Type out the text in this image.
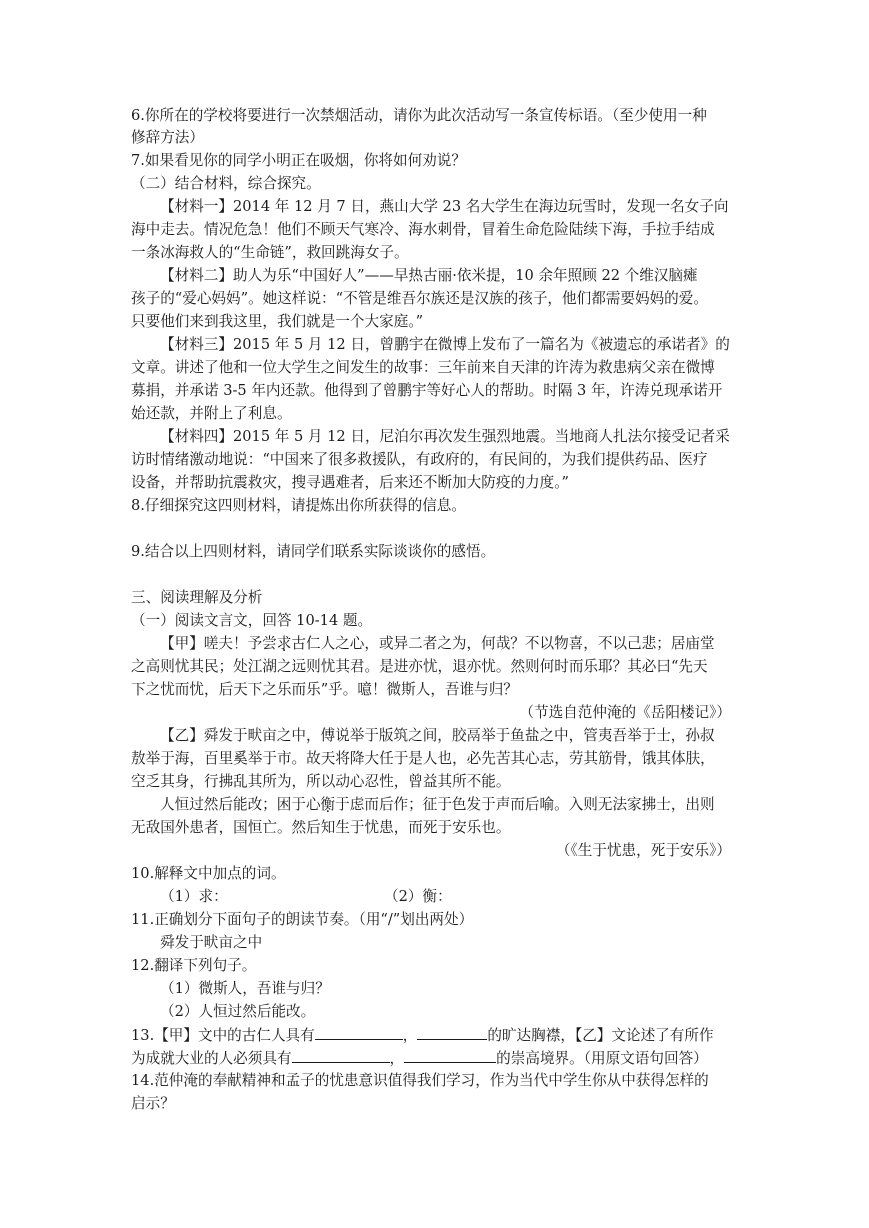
6.你所在的学校将要进行一次禁烟活动，请你为此次活动写一条宣传标语。（至少使用一种
修辞方法）
7.如果看见你的同学小明正在吸烟，你将如何劝说？
（二）结合材料，综合探究。
【材料一】2014 年 12 月 7 日，燕山大学 23 名大学生在海边玩雪时，发现一名女子向
海中走去。情况危急！他们不顾天气寒冷、海水刺骨，冒着生命危险陆续下海，手拉手结成
一条冰海救人的“生命链”，救回跳海女子。
【材料二】助人为乐“中国好人”——早热古丽·依米提，10 余年照顾 22 个维汉脑瘫
孩子的“爱心妈妈”。她这样说：“不管是维吾尔族还是汉族的孩子，他们都需要妈妈的爱。
只要他们来到我这里，我们就是一个大家庭。”
【材料三】2015 年 5 月 12 日，曾鹏宇在微博上发布了一篇名为《被遗忘的承诺者》的
文章。讲述了他和一位大学生之间发生的故事：三年前来自天津的许涛为救患病父亲在微博
募捐，并承诺 3-5 年内还款。他得到了曾鹏宇等好心人的帮助。时隔 3 年，许涛兑现承诺开
始还款，并附上了利息。
【材料四】2015 年 5 月 12 日，尼泊尔再次发生强烈地震。当地商人扎法尔接受记者采
访时情绪激动地说：“中国来了很多救援队，有政府的，有民间的，为我们提供药品、医疗
设备，并帮助抗震救灾，搜寻遇难者，后来还不断加大防疫的力度。”
8.仔细探究这四则材料，请提炼出你所获得的信息。
9.结合以上四则材料，请同学们联系实际谈谈你的感悟。
三、阅读理解及分析
（一）阅读文言文，回答 10-14 题。
【甲】嗟夫！予尝求古仁人之心，或异二者之为，何哉？不以物喜，不以己悲；居庙堂
之高则忧其民；处江湖之远则忧其君。是进亦忧，退亦忧。然则何时而乐耶？其必曰“先天
下之忧而忧，后天下之乐而乐”乎。噫！微斯人，吾谁与归？
（节选自范仲淹的《岳阳楼记》）
【乙】舜发于畎亩之中，傅说举于版筑之间，胶鬲举于鱼盐之中，管夷吾举于士，孙叔
敖举于海，百里奚举于市。故天将降大任于是人也，必先苦其心志，劳其筋骨，饿其体肤，
空乏其身，行拂乱其所为，所以动心忍性，曾益其所不能。
人恒过然后能改；困于心衡于虑而后作；征于色发于声而后喻。入则无法家拂士，出则
无敌国外患者，国恒亡。然后知生于忧患，而死于安乐也。
（《生于忧患，死于安乐》）
10.解释文中加点的词。
（1）求：	（2）衡：
11.正确划分下面句子的朗读节奏。（用“/”划出两处）
舜发于畎亩之中
12.翻译下列句子。
（1）微斯人，吾谁与归？
（2）人恒过然后能改。
13.【甲】文中的古仁人具有	，	的旷达胸襟，【乙】文论述了有所作
为成就大业的人必须具有	，	的崇高境界。（用原文语句回答）
14.范仲淹的奉献精神和孟子的忧患意识值得我们学习，作为当代中学生你从中获得怎样的
启示？
